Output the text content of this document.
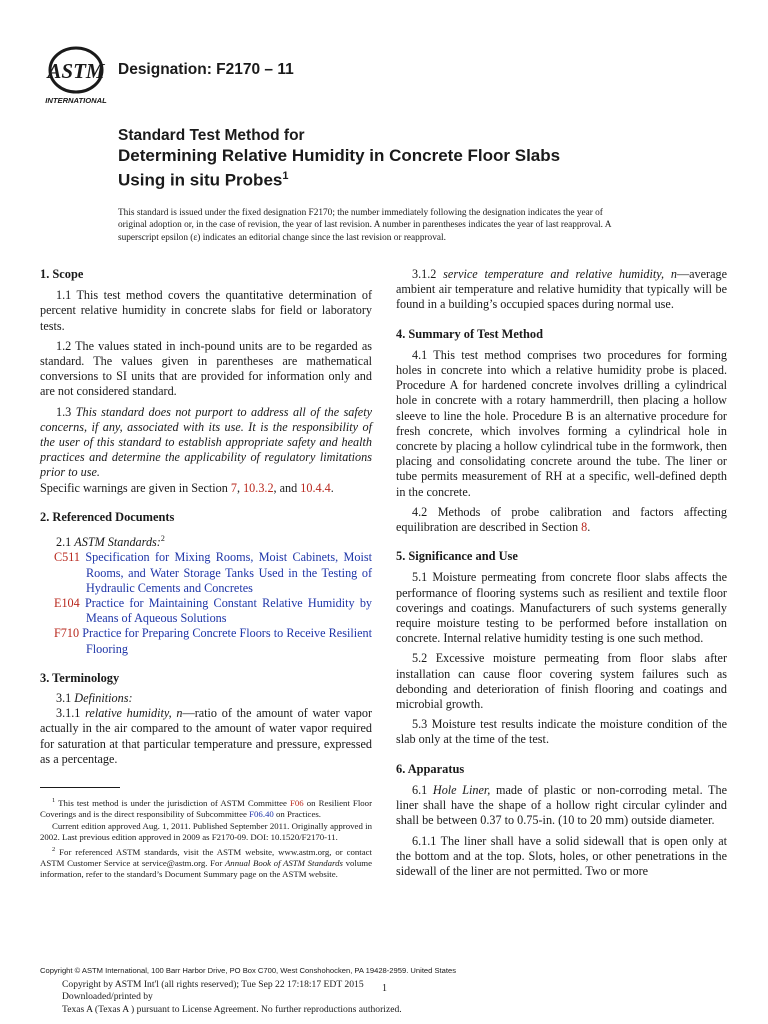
ASTM
INTERNATIONAL
Designation: F2170 – 11
Standard Test Method for
Determining Relative Humidity in Concrete Floor Slabs
Using in situ Probes$^1$
This standard is issued under the fixed designation F2170; the number immediately following the designation indicates the year of
original adoption or, in the case of revision, the year of last revision. A number in parentheses indicates the year of last reapproval. A
superscript epsilon (ε) indicates an editorial change since the last revision or reapproval.
1. Scope

1.1 This test method covers the quantitative determination of percent relative humidity in concrete slabs for field or laboratory tests.

1.2 The values stated in inch-pound units are to be regarded as standard. The values given in parentheses are mathematical conversions to SI units that are provided for information only and are not considered standard.

1.3 This standard does not purport to address all of the safety concerns, if any, associated with its use. It is the responsibility of the user of this standard to establish appropriate safety and health practices and determine the applicability of regulatory limitations prior to use.

Specific warnings are given in Section 7, 10.3.2, and 10.4.4.

2. Referenced Documents

2.1 ASTM Standards:$^2$

C511 Specification for Mixing Rooms, Moist Cabinets, Moist Rooms, and Water Storage Tanks Used in the Testing of Hydraulic Cements and Concretes
E104 Practice for Maintaining Constant Relative Humidity by Means of Aqueous Solutions
F710 Practice for Preparing Concrete Floors to Receive Resilient Flooring
3. Terminology

3.1 Definitions:

3.1.1 relative humidity, n—ratio of the amount of water vapor actually in the air compared to the amount of water vapor required for saturation at that particular temperature and pressure, expressed as a percentage.

$^1$ This test method is under the jurisdiction of ASTM Committee F06 on Resilient Floor Coverings and is the direct responsibility of Subcommittee F06.40 on Practices.

Current edition approved Aug. 1, 2011. Published September 2011. Originally approved in 2002. Last previous edition approved in 2009 as F2170-09. DOI: 10.1520/F2170-11.

$^2$ For referenced ASTM standards, visit the ASTM website, www.astm.org, or contact ASTM Customer Service at service@astm.org. For Annual Book of ASTM Standards volume information, refer to the standard’s Document Summary page on the ASTM website.

3.1.2 service temperature and relative humidity, n—average ambient air temperature and relative humidity that typically will be found in a building’s occupied spaces during normal use.

4. Summary of Test Method

4.1 This test method comprises two procedures for forming holes in concrete into which a relative humidity probe is placed. Procedure A for hardened concrete involves drilling a cylindrical hole in concrete with a rotary hammerdrill, then placing a hollow sleeve to line the hole. Procedure B is an alternative procedure for fresh concrete, which involves forming a cylindrical hole in concrete by placing a hollow cylindrical tube in the formwork, then placing and consolidating concrete around the tube. The liner or tube permits measurement of RH at a specific, well-defined depth in the concrete.

4.2 Methods of probe calibration and factors affecting equilibration are described in Section 8.

5. Significance and Use

5.1 Moisture permeating from concrete floor slabs affects the performance of flooring systems such as resilient and textile floor coverings and coatings. Manufacturers of such systems generally require moisture testing to be performed before installation on concrete. Internal relative humidity testing is one such method.

5.2 Excessive moisture permeating from floor slabs after installation can cause floor covering system failures such as debonding and deterioration of finish flooring and coatings and microbial growth.

5.3 Moisture test results indicate the moisture condition of the slab only at the time of the test.

6. Apparatus

6.1 Hole Liner, made of plastic or non-corroding metal. The liner shall have the shape of a hollow right circular cylinder and shall be between 0.37 to 0.75-in. (10 to 20 mm) outside diameter.

6.1.1 The liner shall have a solid sidewall that is open only at the bottom and at the top. Slots, holes, or other penetrations in the sidewall of the liner are not permitted. Two or more

Copyright © ASTM International, 100 Barr Harbor Drive, PO Box C700, West Conshohocken, PA 19428-2959. United States
Copyright by ASTM Int'l (all rights reserved); Tue Sep 22 17:18:17 EDT 2015
Downloaded/printed by
Texas A (Texas A ) pursuant to License Agreement. No further reproductions authorized.
1
